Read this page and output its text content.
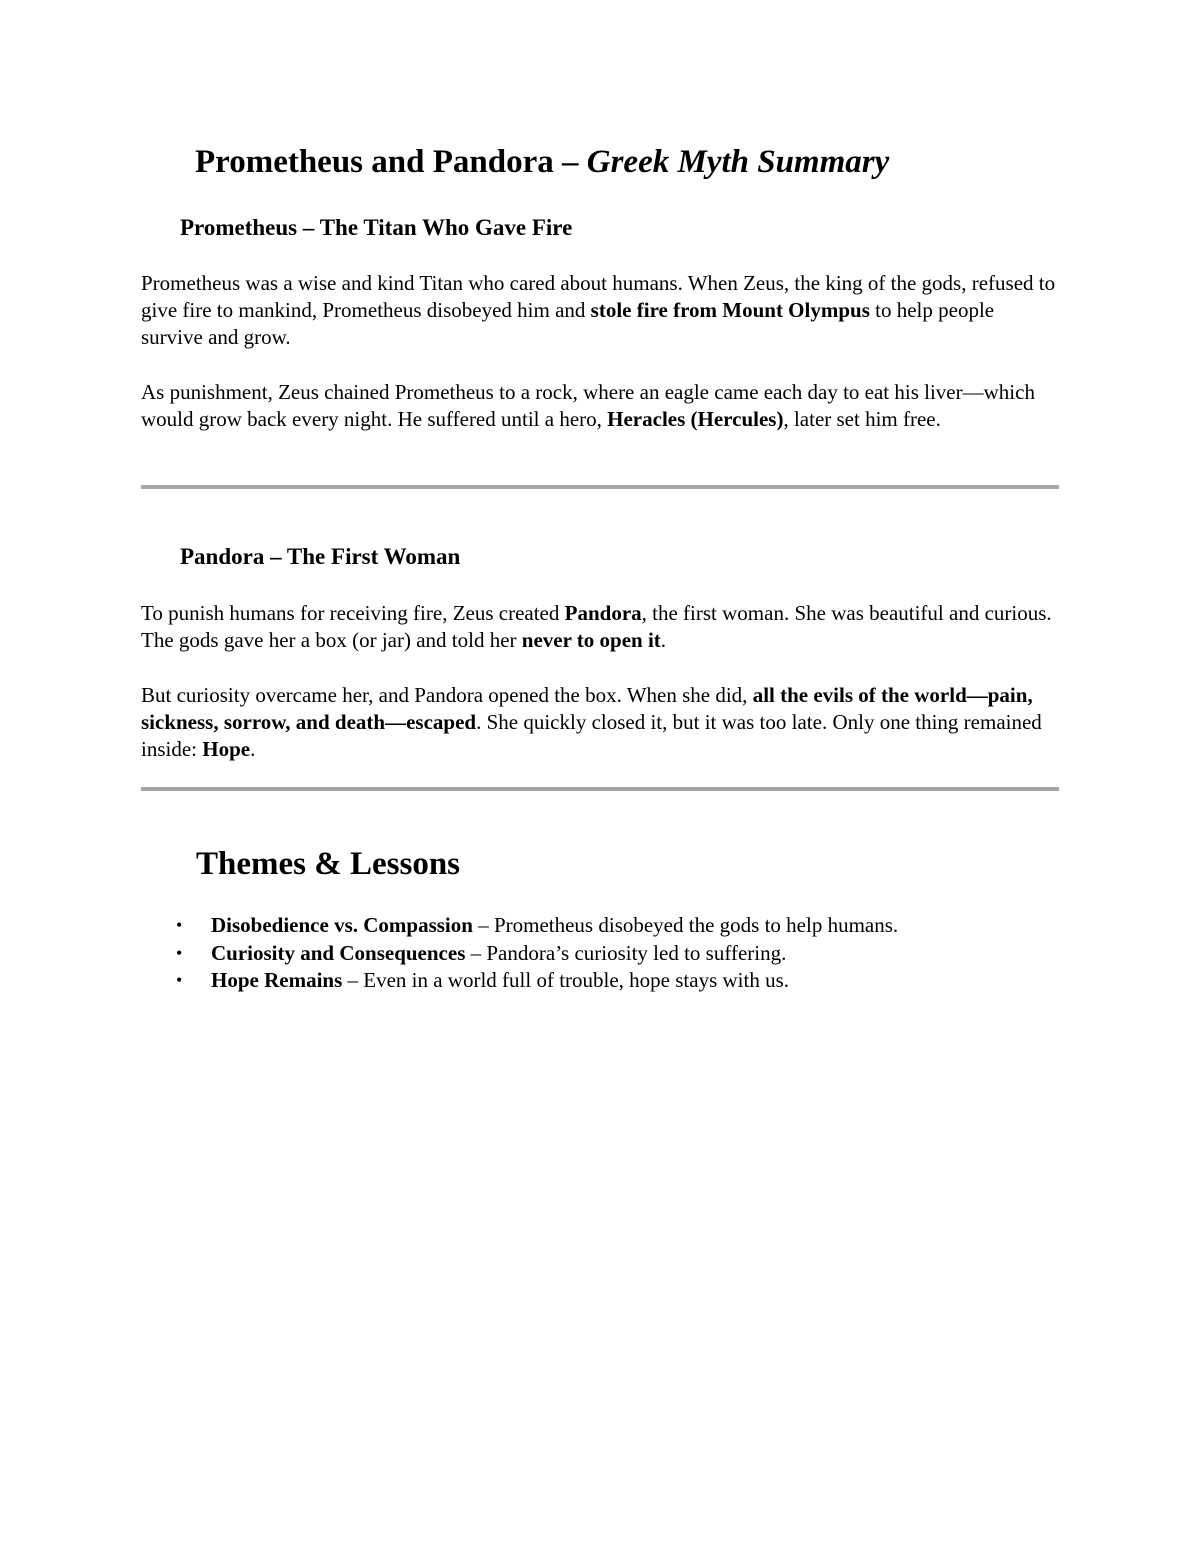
Prometheus and Pandora – Greek Myth Summary
Prometheus – The Titan Who Gave Fire

Prometheus was a wise and kind Titan who cared about humans. When Zeus, the king of the gods, refused to give fire to mankind, Prometheus disobeyed him and stole fire from Mount Olympus to help people survive and grow.

As punishment, Zeus chained Prometheus to a rock, where an eagle came each day to eat his liver—which would grow back every night. He suffered until a hero, Heracles (Hercules), later set him free.

Pandora – The First Woman

To punish humans for receiving fire, Zeus created Pandora, the first woman. She was beautiful and curious. The gods gave her a box (or jar) and told her never to open it.

But curiosity overcame her, and Pandora opened the box. When she did, all the evils of the world—pain, sickness, sorrow, and death—escaped. She quickly closed it, but it was too late. Only one thing remained inside: Hope.

Themes & Lessons
• Disobedience vs. Compassion – Prometheus disobeyed the gods to help humans.
• Curiosity and Consequences – Pandora’s curiosity led to suffering.
• Hope Remains – Even in a world full of trouble, hope stays with us.
